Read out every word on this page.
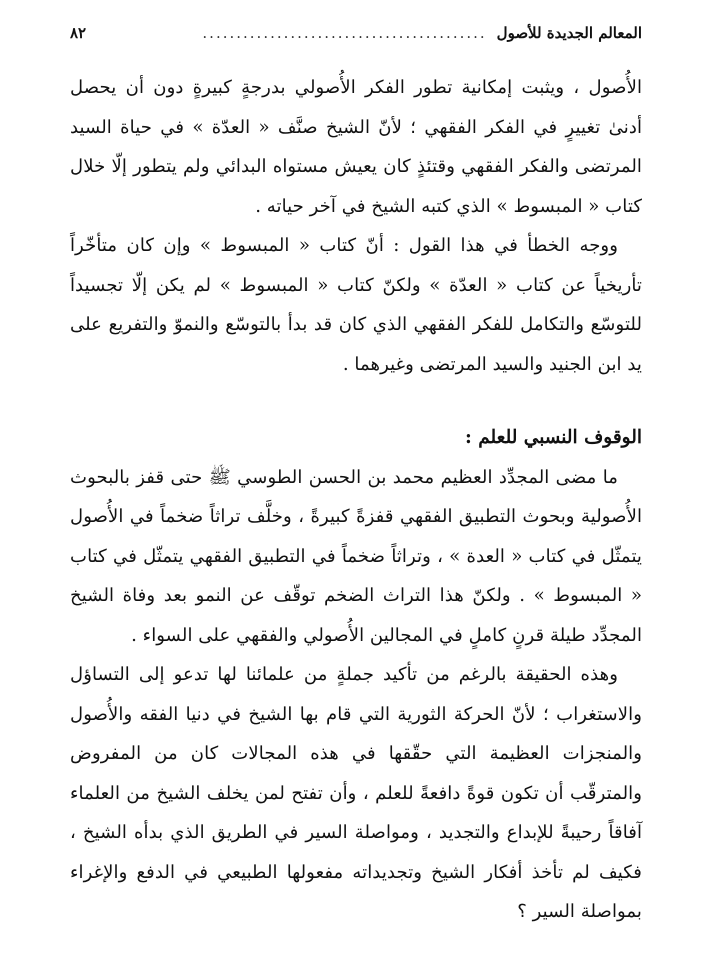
المعالم الجديدة للأصول
..........................................
٨٢

الأُصول ، ويثبت إمكانية تطور الفكر الأُصولي بدرجةٍ كبيرةٍ دون أن يحصل أدنىٰ تغييرٍ في الفكر الفقهي ؛ لأنّ الشيخ صنَّف « العدّة » في حياة السيد المرتضى والفكر الفقهي وقتئذٍ كان يعيش مستواه البدائي ولم يتطور إلّا خلال كتاب « المبسوط » الذي كتبه الشيخ في آخر حياته .

ووجه الخطأ في هذا القول : أنّ كتاب « المبسوط » وإن كان متأخّراً تأريخياً عن كتاب « العدّة » ولكنّ كتاب « المبسوط » لم يكن إلّا تجسيداً للتوسّع والتكامل للفكر الفقهي الذي كان قد بدأ بالتوسّع والنموّ والتفريع على يد ابن الجنيد والسيد المرتضى وغيرهما .

الوقوف النسبي للعلم :

ما مضى المجدِّد العظيم محمد بن الحسن الطوسي ﷺ حتى قفز بالبحوث الأُصولية وبحوث التطبيق الفقهي قفزةً كبيرةً ، وخلَّف تراثاً ضخماً في الأُصول يتمثّل في كتاب « العدة » ، وتراثاً ضخماً في التطبيق الفقهي يتمثّل في كتاب « المبسوط » . ولكنّ هذا التراث الضخم توقّف عن النمو بعد وفاة الشيخ المجدِّد طيلة قرنٍ كاملٍ في المجالين الأُصولي والفقهي على السواء .

وهذه الحقيقة بالرغم من تأكيد جملةٍ من علمائنا لها تدعو إلى التساؤل والاستغراب ؛ لأنّ الحركة الثورية التي قام بها الشيخ في دنيا الفقه والأُصول والمنجزات العظيمة التي حقّقها في هذه المجالات كان من المفروض والمترقّب أن تكون قوةً دافعةً للعلم ، وأن تفتح لمن يخلف الشيخ من العلماء آفاقاً رحيبةً للإبداع والتجديد ، ومواصلة السير في الطريق الذي بدأه الشيخ ، فكيف لم تأخذ أفكار الشيخ وتجديداته مفعولها الطبيعي في الدفع والإغراء بمواصلة السير ؟
